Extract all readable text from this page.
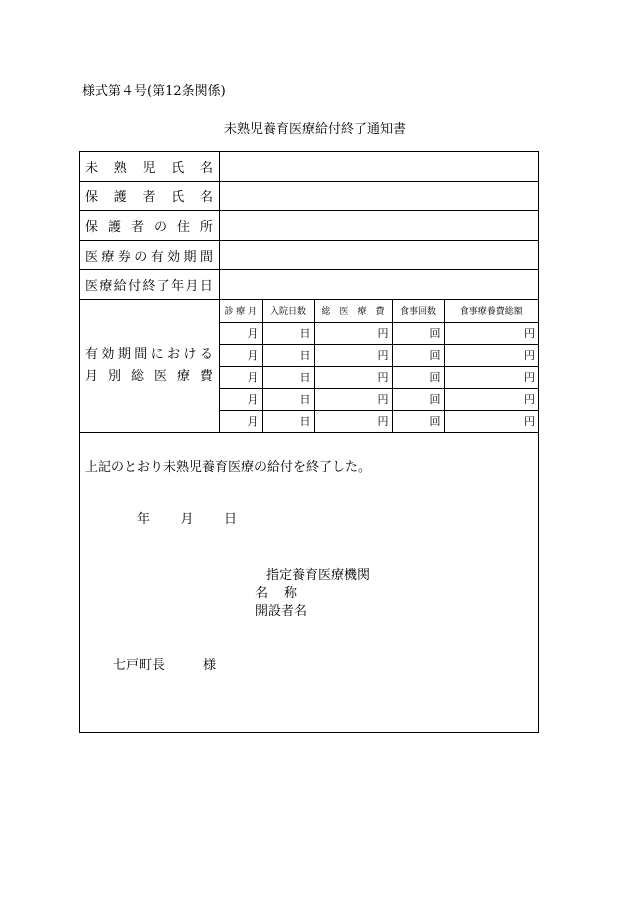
様式第４号(第12条関係)
未熟児養育医療給付終了通知書
未 熟 児 氏 名
保 護 者 氏 名
保 護 者 の 住 所
医 療 券 の 有 効 期 間
医 療 給 付 終 了 年 月 日
有 効 期 間 に お け る
月 別 総 医 療 費
診 療 月	入院日数	総　医　療　費	食事回数	食事療養費総額
月	日	円	回	円
月	日	円	回	円
月	日	円	回	円
月	日	円	回	円
月	日	円	回	円
上記のとおり未熟児養育医療の給付を終了した。
年 月 日
指定養育医療機関
名 称
開設者名
七戸町長	様
